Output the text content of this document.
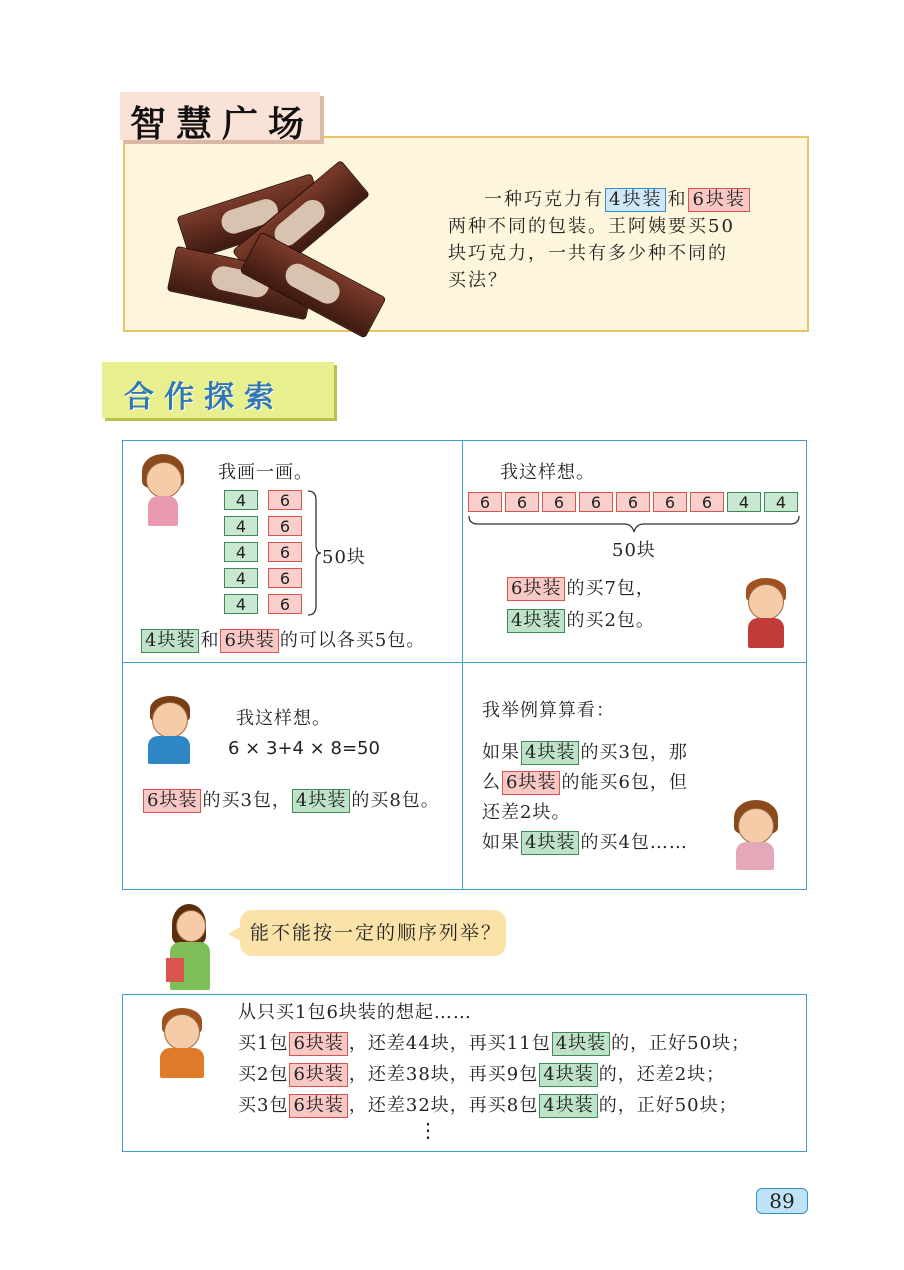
智慧广场
一种巧克力有 4块装 和 6块装
两种不同的包装。王阿姨要买50
块巧克力，一共有多少种不同的
买法？
合作探索
我画一画。
4	6
4	6
4	6
4	6
4	6
50块
4块装 和 6块装 的可以各买5包。
我这样想。
6	6	6	6	6	6	6	4	4
50块
6块装 的买7包，
4块装 的买2包。
我这样想。
6 × 3+4 × 8=50
6块装 的买3包， 4块装 的买8包。
我举例算算看：
如果 4块装 的买3包，那
么 6块装 的能买6包，但
还差2块。
如果 4块装 的买4包……
能不能按一定的顺序列举？
从只买1包6块装的想起……
买1包 6块装 ，还差44块，再买11包 4块装 的，正好50块；
买2包 6块装 ，还差38块，再买9包 4块装 的，还差2块；
买3包 6块装 ，还差32块，再买8包 4块装 的，正好50块；
⋮
89
